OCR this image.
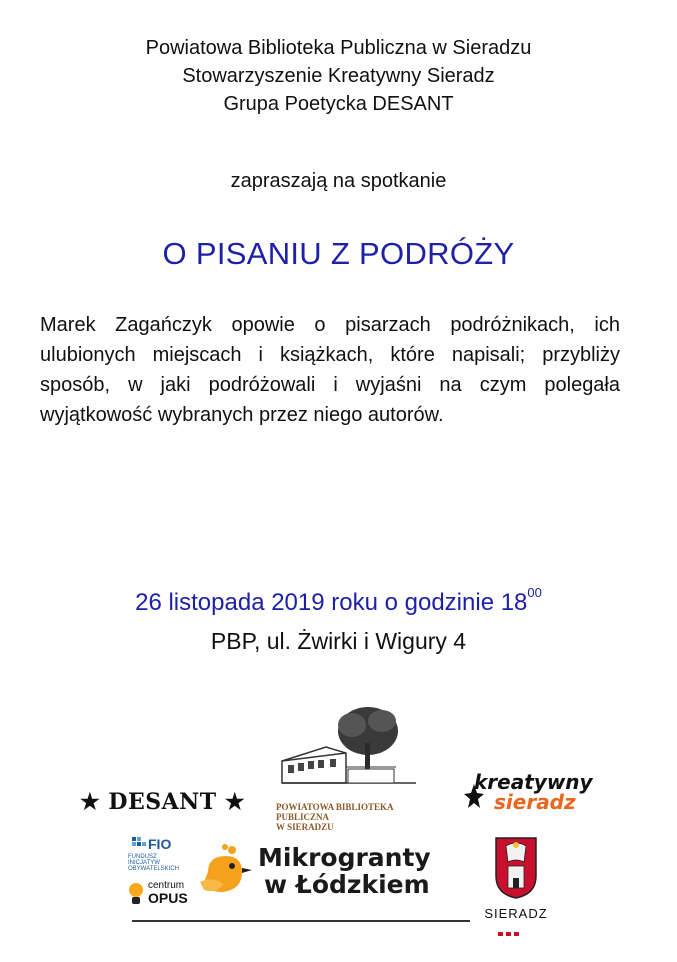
Powiatowa Biblioteka Publiczna w Sieradzu
Stowarzyszenie Kreatywny Sieradz
Grupa Poetycka DESANT
zapraszają na spotkanie
O PISANIU Z PODRÓŻY
Marek Zagańczyk opowie o pisarzach podróżnikach, ich ulubionych miejscach i książkach, które napisali; przybliży sposób, w jaki podróżowali i wyjaśni na czym polegała wyjątkowość wybranych przez niego autorów.
26 listopada 2019 roku o godzinie $18^{00}$
PBP, ul. Żwirki i Wigury 4
★ DESANT ★	POWIATOWA BIBLIOTEKA PUBLICZNA
W SIERADZU
kreatywny
sieradz
FIO
FUNDUSZ INICJATYW OBYWATELSKICH
centrum
OPUS
Mikrogranty
w Łódzkiem
SIERADZ
